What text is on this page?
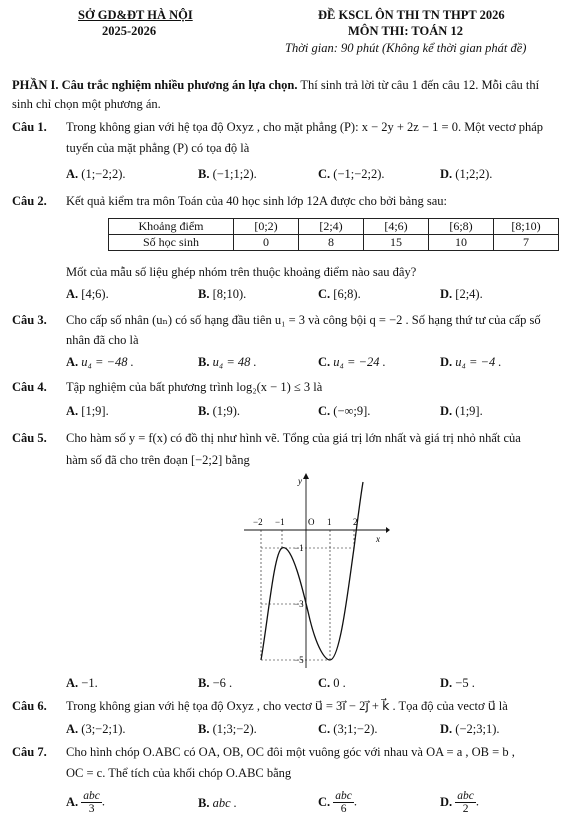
SỞ GD&ĐT HÀ NỘI
2025-2026
ĐỀ KSCL ÔN THI TN THPT 2026
MÔN THI: TOÁN 12
Thời gian: 90 phút (Không kể thời gian phát đề)
PHẦN I. Câu trắc nghiệm nhiều phương án lựa chọn. Thí sinh trả lời từ câu 1 đến câu 12. Mỗi câu thí
sinh chỉ chọn một phương án.
Câu 1. Trong không gian với hệ tọa độ Oxyz , cho mặt phẳng (P): x − 2y + 2z − 1 = 0. Một vectơ pháp
tuyến của mặt phẳng (P) có tọa độ là
A. (1;−2;2).	B. (−1;1;2).	C. (−1;−2;2).	D. (1;2;2).
Câu 2. Kết quả kiểm tra môn Toán của 40 học sinh lớp 12A được cho bởi bảng sau:
Khoảng điểm	[0;2)	[2;4)	[4;6)	[6;8)	[8;10)
Số học sinh	0	8	15	10	7
Mốt của mẫu số liệu ghép nhóm trên thuộc khoảng điểm nào sau đây?
A. [4;6).	B. [8;10).	C. [6;8).	D. [2;4).
Câu 3. Cho cấp số nhân (uₙ) có số hạng đầu tiên u₁ = 3 và công bội q = −2 . Số hạng thứ tư của cấp số
nhân đã cho là
A. u₄ = −48 .	B. u₄ = 48 .	C. u₄ = −24 .	D. u₄ = −4 .
Câu 4. Tập nghiệm của bất phương trình log₂(x − 1) ≤ 3 là
A. [1;9].	B. (1;9).	C. (−∞;9].	D. (1;9].
Câu 5. Cho hàm số y = f(x) có đồ thị như hình vẽ. Tổng của giá trị lớn nhất và giá trị nhỏ nhất của
hàm số đã cho trên đoạn [−2;2] bằng
y
x
O
−2 −1	1 2
−1
−3
−5
A. −1.	B. −6 .	C. 0 .	D. −5 .
Câu 6. Trong không gian với hệ tọa độ Oxyz , cho vectơ u⃗ = 3i⃗ − 2j⃗ + k⃗ . Tọa độ của vectơ u⃗ là
A. (3;−2;1).	B. (1;3;−2).	C. (3;1;−2).	D. (−2;3;1).
Câu 7. Cho hình chóp O.ABC có OA, OB, OC đôi một vuông góc với nhau và OA = a , OB = b ,
OC = c. Thể tích của khối chóp O.ABC bằng
A. $\frac{\text{abc}}{3}$ .	B. abc .	C. $\frac{\text{abc}}{6}$ .	D. $\frac{\text{abc}}{2}$ .
